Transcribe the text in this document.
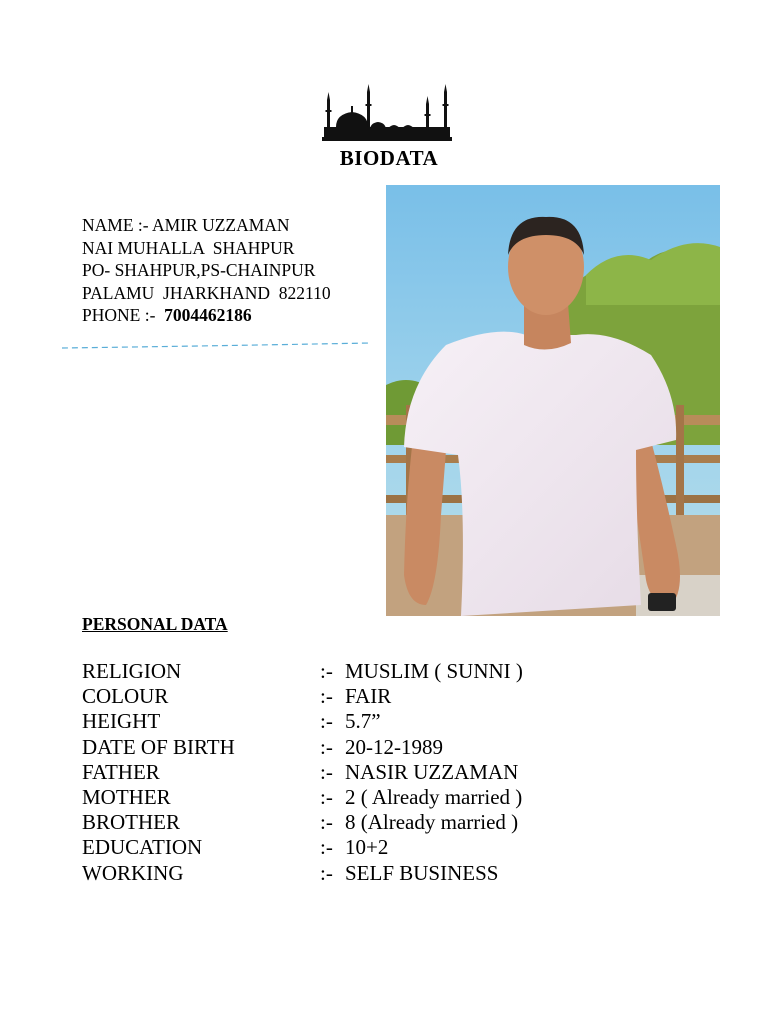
BIODATA
NAME :- AMIR UZZAMAN
NAI MUHALLA  SHAHPUR
PO- SHAHPUR,PS-CHAINPUR
PALAMU  JHARKHAND  822110
PHONE :-  7004462186
PERSONAL DATA
RELIGION	:- MUSLIM ( SUNNI )
COLOUR	:- FAIR
HEIGHT	:- 5.7”
DATE OF BIRTH	:- 20-12-1989
FATHER	:- NASIR UZZAMAN
MOTHER	:- 2 ( Already married )
BROTHER	:- 8 (Already married )
EDUCATION	:- 10+2
WORKING	:- SELF BUSINESS
